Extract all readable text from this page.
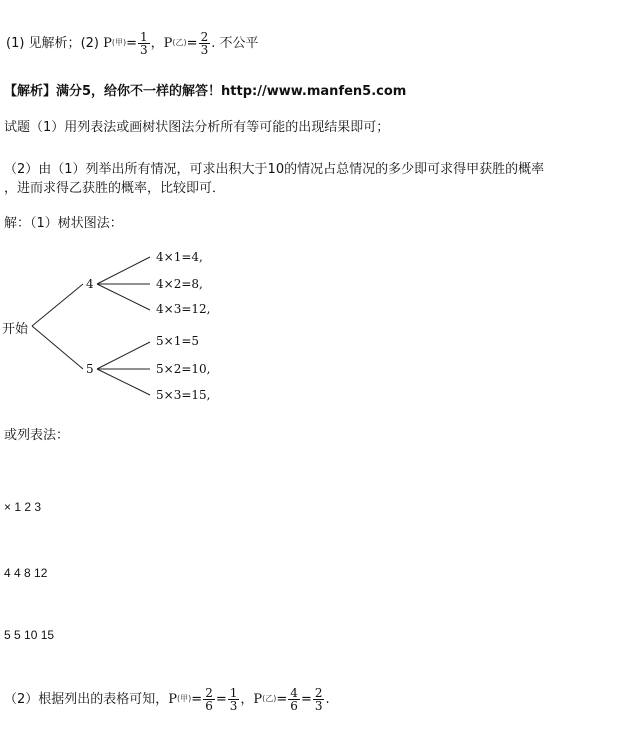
(1) 见解析；(2) $P^{(甲)}= \frac{1}{3}$ ，$P^{(乙)}= \frac{2}{3}$ . 不公平
【解析】满分5，给你不一样的解答！http://www.manfen5.com
试题（1）用列表法或画树状图法分析所有等可能的出现结果即可；
（2）由（1）列举出所有情况，可求出积大于10的情况占总情况的多少即可求得甲获胜的概率
，进而求得乙获胜的概率，比较即可．
解：（1）树状图法：
开始
4
5
4×1=4,
4×2=8,
4×3=12,
5×1=5
5×2=10,
5×3=15,
或列表法：
× 1 2 3
4 4 8 12
5 5 10 15
（2）根据列出的表格可知，$P^{(甲)}= \frac{2}{6} = \frac{1}{3}$ ，$P^{(乙)}= \frac{4}{6} = \frac{2}{3}$ .
